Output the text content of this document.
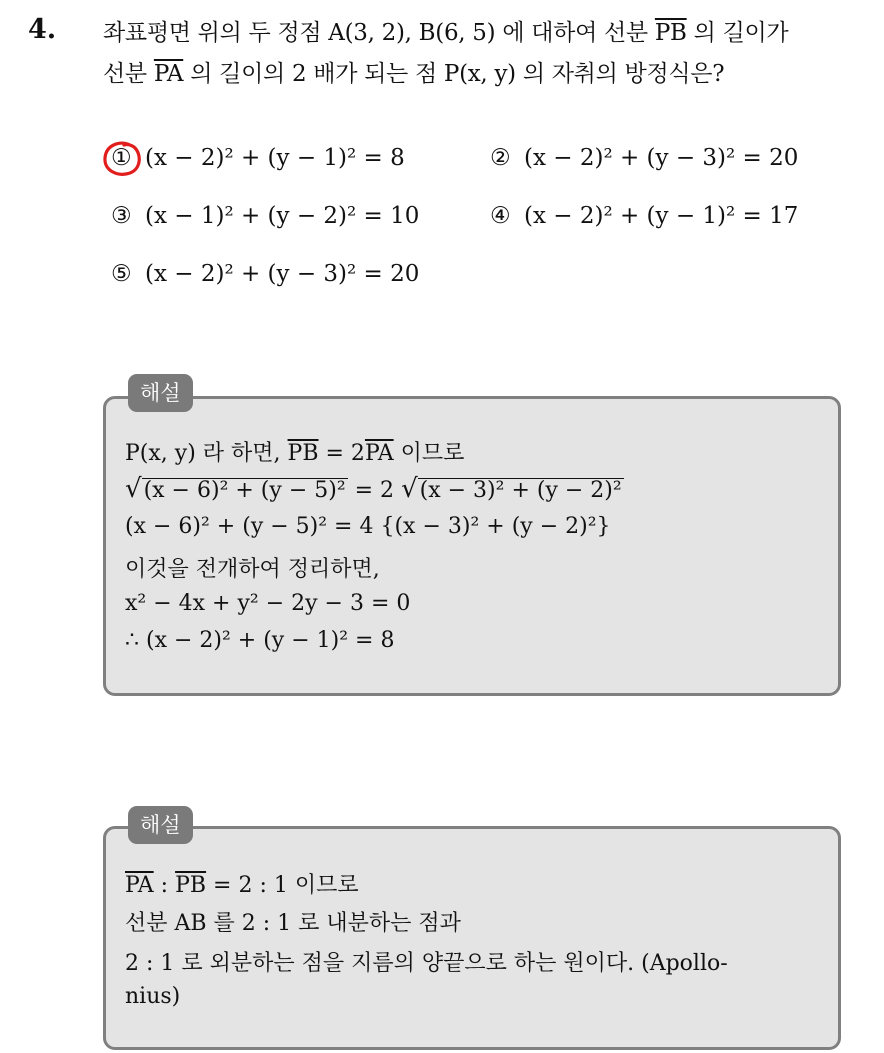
4. 좌표평면 위의 두 정점 A(3, 2), B(6, 5) 에 대하여 선분 $\overline{PB}$ 의 길이가
선분 $\overline{PA}$ 의 길이의 2 배가 되는 점 P(x, y) 의 자취의 방정식은?
① (x − 2)² + (y − 1)² = 8	② (x − 2)² + (y − 3)² = 20
③ (x − 1)² + (y − 2)² = 10	④ (x − 2)² + (y − 1)² = 17
⑤ (x − 2)² + (y − 3)² = 20
해설
P(x, y) 라 하면, $\overline{PB} = 2\overline{PA}$ 이므로
√(x − 6)² + (y − 5)² = 2 √(x − 3)² + (y − 2)²
(x − 6)² + (y − 5)² = 4 {(x − 3)² + (y − 2)²}
이것을 전개하여 정리하면,
x² − 4x + y² − 2y − 3 = 0
∴ (x − 2)² + (y − 1)² = 8
해설
$\overline{PA}$ : $\overline{PB} = 2$ : 1 이므로
선분 AB 를 2 : 1 로 내분하는 점과
2 : 1 로 외분하는 점을 지름의 양끝으로 하는 원이다. (Apollo-
nius)
